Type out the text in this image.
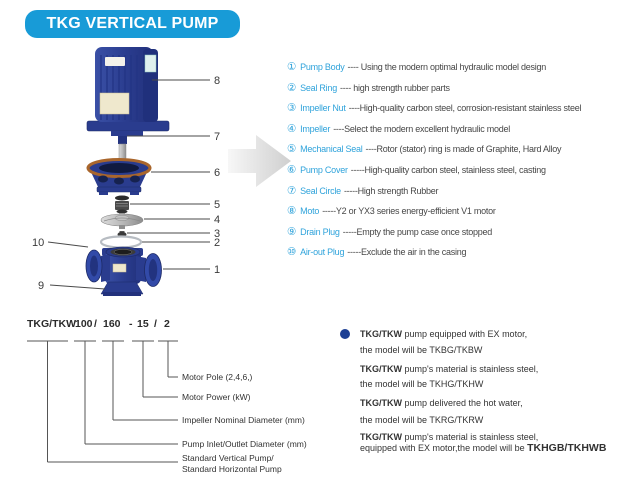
TKG VERTICAL PUMP
8
7
6
5
4
3
2
1
10
9
① Pump Body ---- Using the modern optimal hydraulic model design
② Seal Ring ---- high strength rubber parts
③ Impeller Nut ----High-quality carbon steel, corrosion-resistant stainless steel
④ Impeller ----Select the modern excellent hydraulic model
⑤ Mechanical Seal ----Rotor (stator) ring is made of Graphite, Hard Alloy
⑥ Pump Cover -----High-quality carbon steel, stainless steel, casting
⑦ Seal Circle -----High strength Rubber
⑧ Moto -----Y2 or YX3 series energy-efficient V1 motor
⑨ Drain Plug -----Empty the pump case once stopped
⑩ Air-out Plug -----Exclude the air in the casing
TKG/TKW 100 / 160 - 15 / 2
Motor Pole (2,4,6,)
Motor Power (kW)
Impeller Nominal Diameter (mm)
Pump Inlet/Outlet Diameter (mm)
Standard Vertical Pump/
Standard Horizontal Pump
TKG/TKW pump equipped with EX motor,
the model will be TKBG/TKBW
TKG/TKW pump's material is stainless steel,
the model will be TKHG/TKHW
TKG/TKW pump delivered the hot water,
the model will be TKRG/TKRW
TKG/TKW pump's material is stainless steel,
equipped with EX motor,the model will be TKHGB/TKHWB
